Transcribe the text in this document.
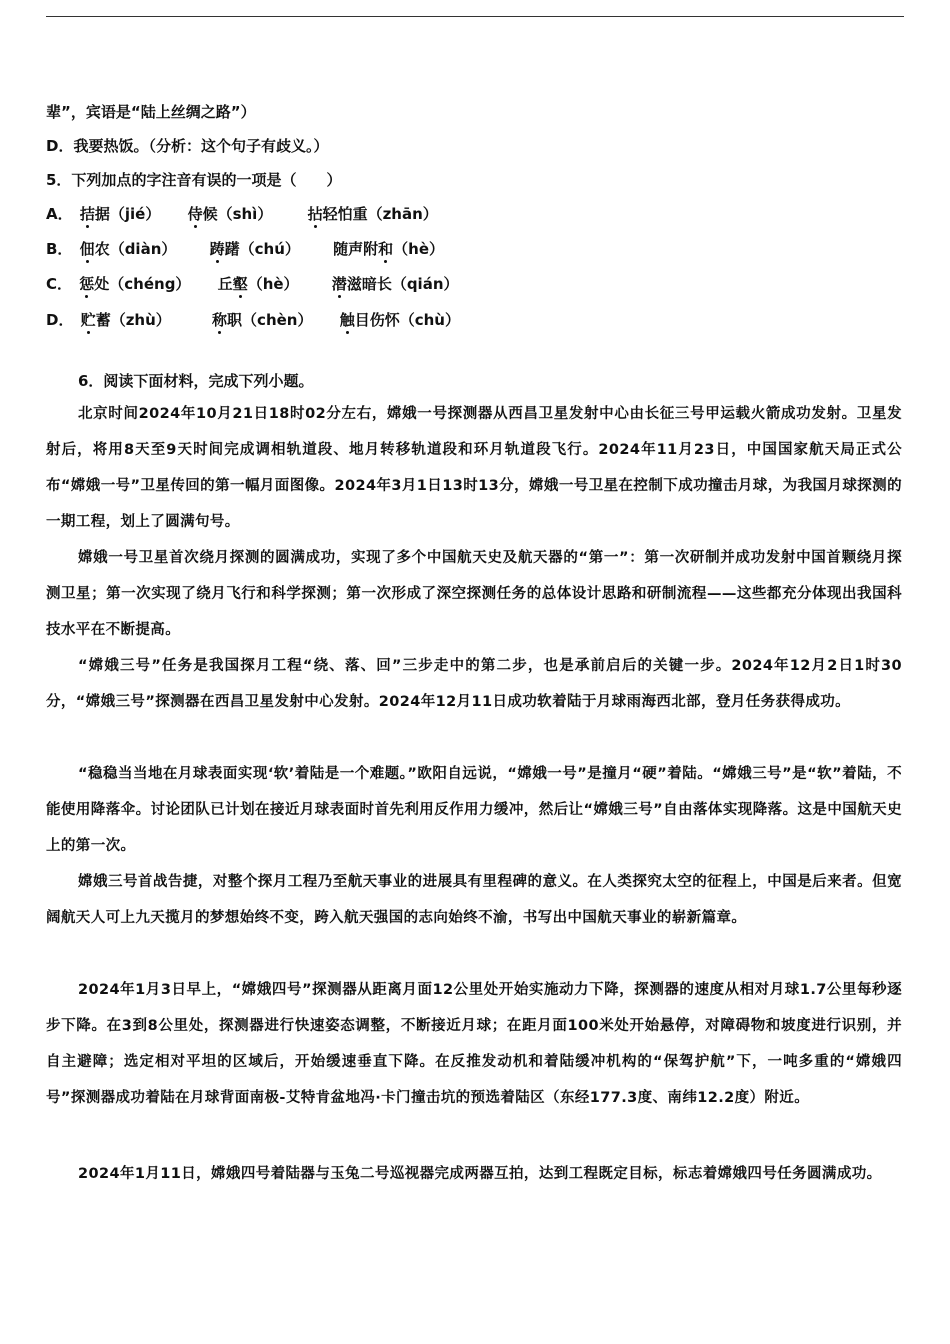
辈”，宾语是“陆上丝绸之路”）
D．我要热饭。（分析：这个句子有歧义。）
5．下列加点的字注音有误的一项是（　　）
A． 拮据（jié） 侍候（shì） 拈轻怕重（zhān）
B． 佃农（diàn） 踌躇（chú） 随声附和（hè）
C． 惩处（chéng） 丘壑（hè） 潜滋暗长（qián）
D． 贮蓄（zhù）	称职（chèn） 触目伤怀（chù）
6．阅读下面材料，完成下列小题。
北京时间2024年10月21日18时02分左右，嫦娥一号探测器从西昌卫星发射中心由长征三号甲运载火箭成功发射。卫星发射后，将用8天至9天时间完成调相轨道段、地月转移轨道段和环月轨道段飞行。2024年11月23日，中国国家航天局正式公布“嫦娥一号”卫星传回的第一幅月面图像。2024年3月1日13时13分，嫦娥一号卫星在控制下成功撞击月球，为我国月球探测的一期工程，划上了圆满句号。
嫦娥一号卫星首次绕月探测的圆满成功，实现了多个中国航天史及航天器的“第一”：第一次研制并成功发射中国首颗绕月探测卫星；第一次实现了绕月飞行和科学探测；第一次形成了深空探测任务的总体设计思路和研制流程——这些都充分体现出我国科技水平在不断提高。
“嫦娥三号”任务是我国探月工程“绕、落、回”三步走中的第二步，也是承前启后的关键一步。2024年12月2日1时30分，“嫦娥三号”探测器在西昌卫星发射中心发射。2024年12月11日成功软着陆于月球雨海西北部，登月任务获得成功。
“稳稳当当地在月球表面实现‘软’着陆是一个难题。”欧阳自远说，“嫦娥一号”是撞月“硬”着陆。“嫦娥三号”是“软”着陆，不能使用降落伞。讨论团队已计划在接近月球表面时首先利用反作用力缓冲，然后让“嫦娥三号”自由落体实现降落。这是中国航天史上的第一次。
嫦娥三号首战告捷，对整个探月工程乃至航天事业的进展具有里程碑的意义。在人类探究太空的征程上，中国是后来者。但宽阔航天人可上九天揽月的梦想始终不变，跨入航天强国的志向始终不渝，书写出中国航天事业的崭新篇章。
2024年1月3日早上，“嫦娥四号”探测器从距离月面12公里处开始实施动力下降，探测器的速度从相对月球1.7公里每秒逐步下降。在3到8公里处，探测器进行快速姿态调整，不断接近月球；在距月面100米处开始悬停，对障碍物和坡度进行识别，并自主避障；选定相对平坦的区域后，开始缓速垂直下降。在反推发动机和着陆缓冲机构的“保驾护航”下，一吨多重的“嫦娥四号”探测器成功着陆在月球背面南极-艾特肯盆地冯·卡门撞击坑的预选着陆区（东经177.3度、南纬12.2度）附近。
2024年1月11日，嫦娥四号着陆器与玉兔二号巡视器完成两器互拍，达到工程既定目标，标志着嫦娥四号任务圆满成功。
